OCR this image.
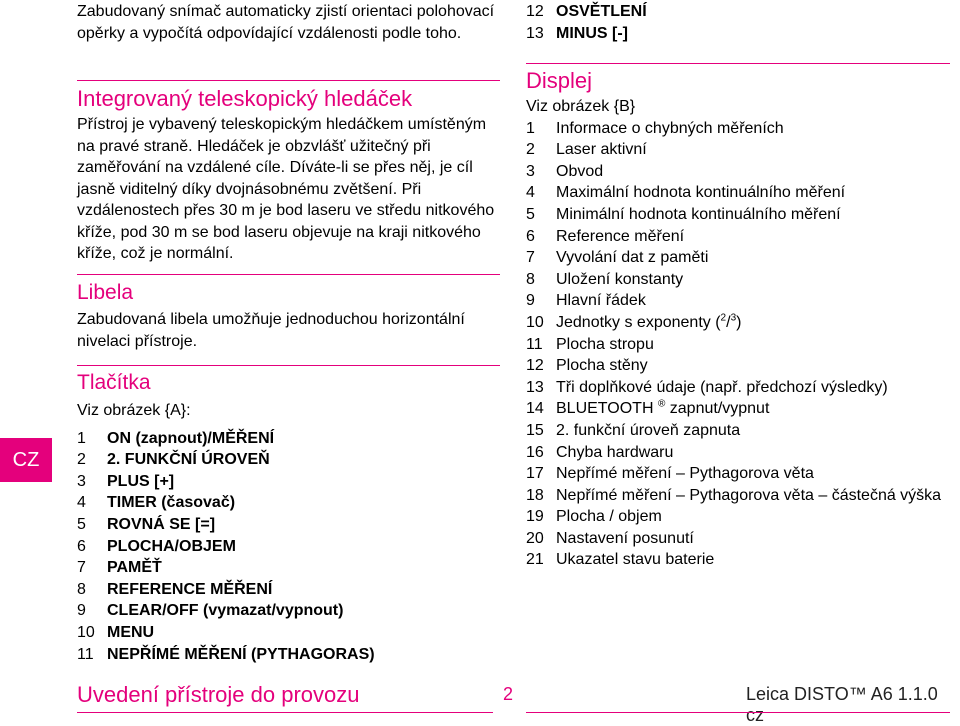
CZ

Zabudovaný snímač automaticky zjistí orientaci polohovací opěrky a vypočítá odpovídající vzdálenosti podle toho.

Integrovaný teleskopický hledáček

Přístroj je vybavený teleskopickým hledáčkem umístěným na pravé straně. Hledáček je obzvlášť užitečný při zaměřování na vzdálené cíle. Díváte-li se přes něj, je cíl jasně viditelný díky dvojnásobnému zvětšení. Při vzdálenostech přes 30 m je bod laseru ve středu nitkového kříže, pod 30 m se bod laseru objevuje na kraji nitkového kříže, což je normální.

Libela

Zabudovaná libela umožňuje jednoduchou horizontální nivelaci přístroje.

Tlačítka

Viz obrázek {A}:

1	ON (zapnout)/MĚŘENÍ
2	2. FUNKČNÍ ÚROVEŇ
3	PLUS [+]
4	TIMER (časovač)
5	ROVNÁ SE [=]
6	PLOCHA/OBJEM
7	PAMĚŤ
8	REFERENCE MĚŘENÍ
9	CLEAR/OFF (vymazat/vypnout)
10 MENU
11 NEPŘÍMÉ MĚŘENÍ (PYTHAGORAS)
12 OSVĚTLENÍ
13 MINUS [-]
Displej

Viz obrázek {B}

1	Informace o chybných měřeních
2	Laser aktivní
3	Obvod
4	Maximální hodnota kontinuálního měření
5	Minimální hodnota kontinuálního měření
6	Reference měření
7	Vyvolání dat z paměti
8	Uložení konstanty
9	Hlavní řádek
10 Jednotky s exponenty ($^2$/$^3$)
11 Plocha stropu
12 Plocha stěny
13 Tři doplňkové údaje (např. předchozí výsledky)
14 BLUETOOTH ® zapnut/vypnut
15 2. funkční úroveň zapnuta
16 Chyba hardwaru
17 Nepřímé měření – Pythagorova věta
18 Nepřímé měření – Pythagorova věta – částečná výška
19 Plocha / objem
20 Nastavení posunutí
21 Ukazatel stavu baterie
Uvedení přístroje do provozu	2	Leica DISTO™ A6 1.1.0 cz
